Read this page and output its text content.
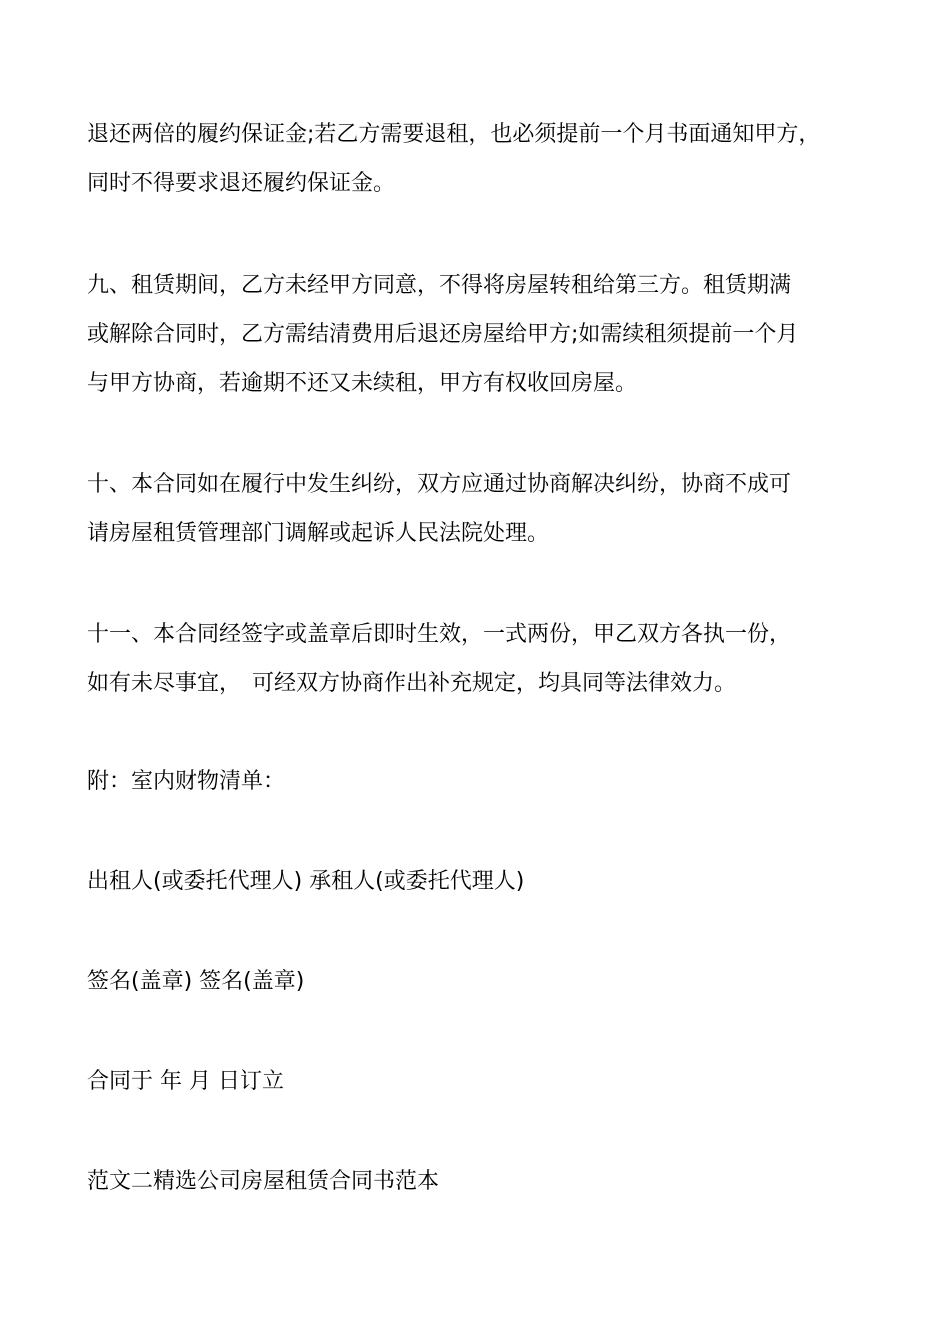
退还两倍的履约保证金;若乙方需要退租，也必须提前一个月书面通知甲方，
同时不得要求退还履约保证金。
九、租赁期间，乙方未经甲方同意，不得将房屋转租给第三方。租赁期满
或解除合同时，乙方需结清费用后退还房屋给甲方;如需续租须提前一个月
与甲方协商，若逾期不还又未续租，甲方有权收回房屋。
十、本合同如在履行中发生纠纷，双方应通过协商解决纠纷，协商不成可
请房屋租赁管理部门调解或起诉人民法院处理。
十一、本合同经签字或盖章后即时生效，一式两份，甲乙双方各执一份，
如有未尽事宜，　可经双方协商作出补充规定，均具同等法律效力。
附：室内财物清单：
出租人(或委托代理人) 承租人(或委托代理人)
签名(盖章) 签名(盖章)
合同于 年 月 日订立
范文二精选公司房屋租赁合同书范本
